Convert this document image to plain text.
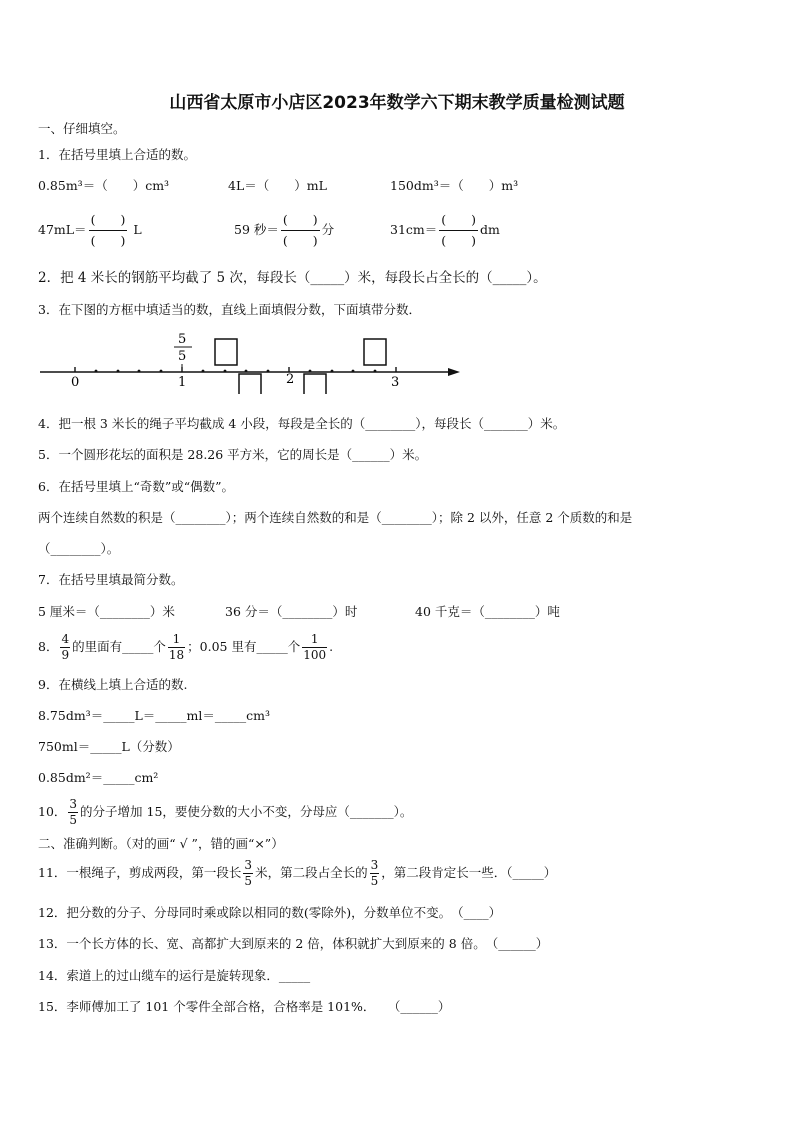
山西省太原市小店区2023年数学六下期末教学质量检测试题
一、仔细填空。
1．在括号里填上合适的数。
0.85m³＝（　　）cm³	4L＝（　　）mL	150dm³＝（　　）m³
$47mL= \frac{( )}{( )}$ L	59 秒＝ $\frac{( )}{( )}$ 分	$31cm= \frac{( )}{( )}$ dm
2．把 4 米长的钢筋平均截了 5 次，每段长（_____）米，每段长占全长的（_____）。
3．在下图的方框中填适当的数，直线上面填假分数，下面填带分数．
0	1	2	3
5
5
4．把一根 3 米长的绳子平均截成 4 小段，每段是全长的（________），每段长（_______）米。
5．一个圆形花坛的面积是 28.26 平方米，它的周长是（______）米。
6．在括号里填上“奇数”或“偶数”。
两个连续自然数的积是（________）；两个连续自然数的和是（________）；除 2 以外，任意 2 个质数的和是
（________）。
7．在括号里填最简分数。
5 厘米＝（________）米	36 分＝（________）时	40 千克＝（________）吨
8． $\frac{4}{9}$ 的里面有_____个 $\frac{1}{18}$ ；0.05 里有_____个 $\frac{1}{100}$ .
9．在横线上填上合适的数.
8.75dm³＝_____L＝_____ml＝_____cm³
750ml＝_____L（分数）
0.85dm²＝_____cm²
10． $\frac{3}{5}$ 的分子增加 15，要使分数的大小不变，分母应（_______）。
二、准确判断。（对的画“ √ ”，错的画“×”）
11．一根绳子，剪成两段，第一段长 $\frac{3}{5}$ 米，第二段占全长的 $\frac{3}{5}$ ，第二段肯定长一些．（_____）
12．把分数的分子、分母同时乘或除以相同的数(零除外)，分数单位不变。　（____）
13．一个长方体的长、宽、高都扩大到原来的 2 倍，体积就扩大到原来的 8 倍。　（______）
14．索道上的过山缆车的运行是旋转现象．_____
15．李师傅加工了 101 个零件全部合格，合格率是 101%．　　（______）
